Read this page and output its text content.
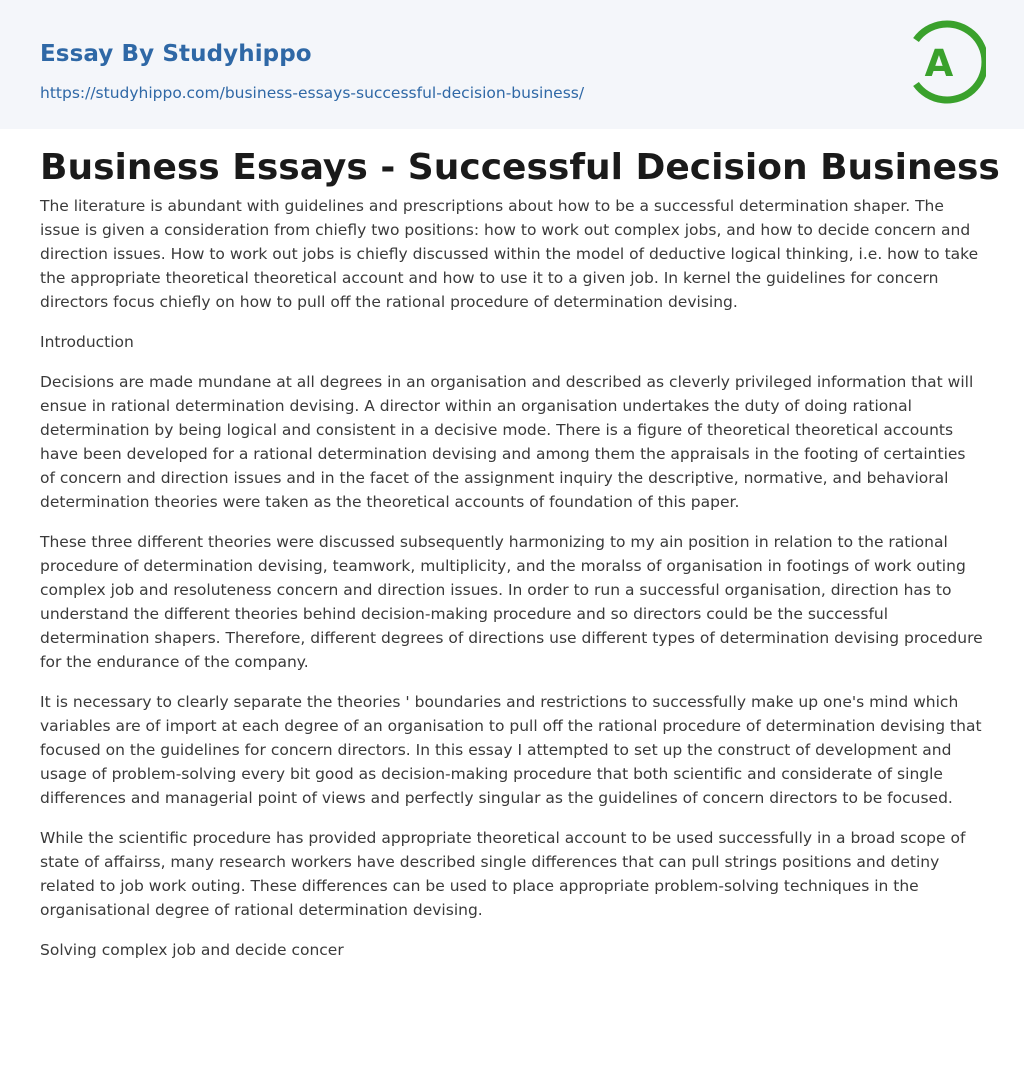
Essay By Studyhippo
https://studyhippo.com/business-essays-successful-decision-business/
A
Business Essays - Successful Decision Business

The literature is abundant with guidelines and prescriptions about how to be a successful determination shaper. The issue is given a consideration from chiefly two positions: how to work out complex jobs, and how to decide concern and direction issues. How to work out jobs is chiefly discussed within the model of deductive logical thinking, i.e. how to take the appropriate theoretical theoretical account and how to use it to a given job. In kernel the guidelines for concern directors focus chiefly on how to pull off the rational procedure of determination devising.

Introduction

Decisions are made mundane at all degrees in an organisation and described as cleverly privileged information that will ensue in rational determination devising. A director within an organisation undertakes the duty of doing rational determination by being logical and consistent in a decisive mode. There is a figure of theoretical theoretical accounts have been developed for a rational determination devising and among them the appraisals in the footing of certainties of concern and direction issues and in the facet of the assignment inquiry the descriptive, normative, and behavioral determination theories were taken as the theoretical accounts of foundation of this paper.

These three different theories were discussed subsequently harmonizing to my ain position in relation to the rational procedure of determination devising, teamwork, multiplicity, and the moralss of organisation in footings of work outing complex job and resoluteness concern and direction issues. In order to run a successful organisation, direction has to understand the different theories behind decision-making procedure and so directors could be the successful determination shapers. Therefore, different degrees of directions use different types of determination devising procedure for the endurance of the company.

It is necessary to clearly separate the theories ' boundaries and restrictions to successfully make up one's mind which variables are of import at each degree of an organisation to pull off the rational procedure of determination devising that focused on the guidelines for concern directors. In this essay I attempted to set up the construct of development and usage of problem-solving every bit good as decision-making procedure that both scientific and considerate of single differences and managerial point of views and perfectly singular as the guidelines of concern directors to be focused.

While the scientific procedure has provided appropriate theoretical account to be used successfully in a broad scope of state of affairss, many research workers have described single differences that can pull strings positions and detiny related to job work outing. These differences can be used to place appropriate problem-solving techniques in the organisational degree of rational determination devising.

Solving complex job and decide concer
